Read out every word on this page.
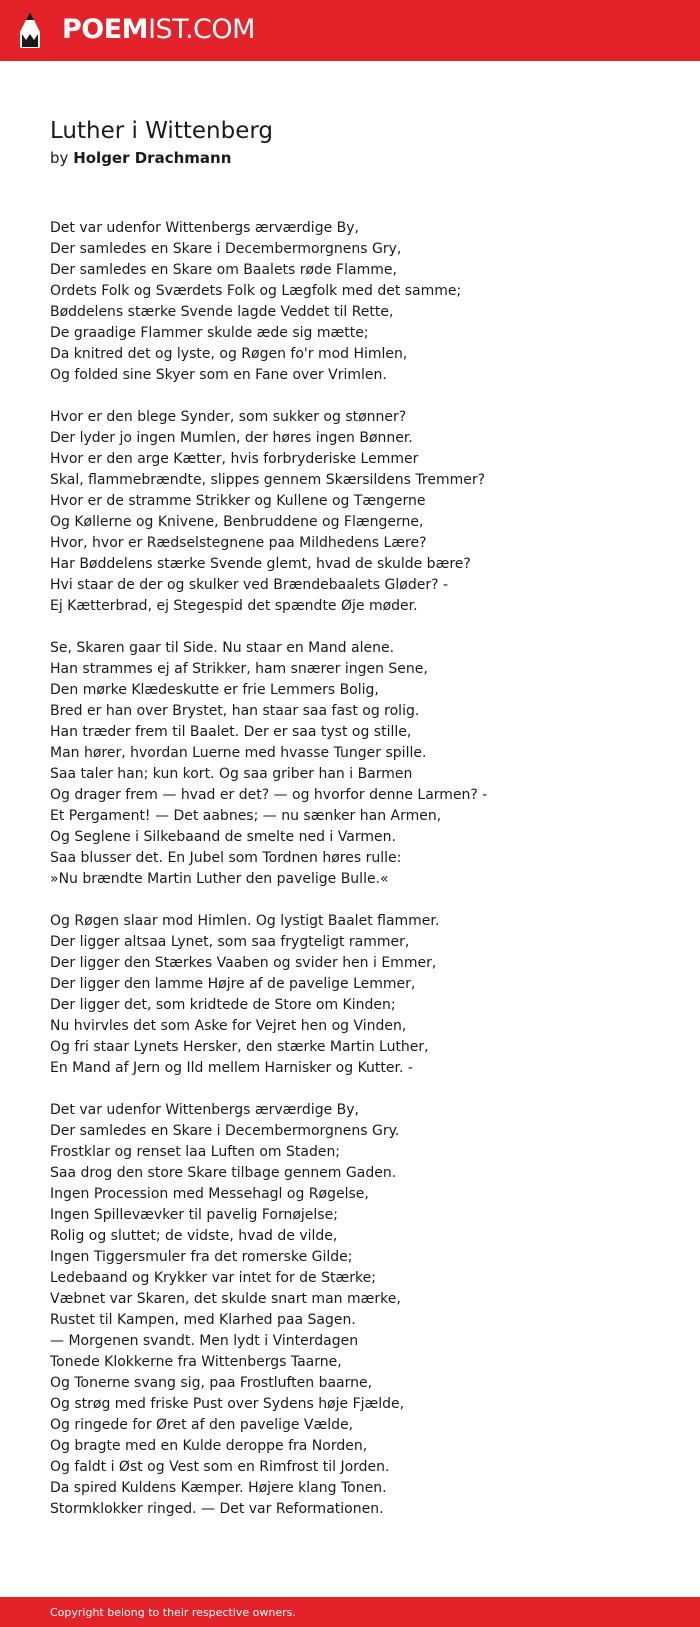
POEMIST.COM
Luther i Wittenberg
by Holger Drachmann
Det var udenfor Wittenbergs ærværdige By,
Der samledes en Skare i Decembermorgnens Gry,
Der samledes en Skare om Baalets røde Flamme,
Ordets Folk og Sværdets Folk og Lægfolk med det samme;
Bøddelens stærke Svende lagde Veddet til Rette,
De graadige Flammer skulde æde sig mætte;
Da knitred det og lyste, og Røgen fo'r mod Himlen,
Og folded sine Skyer som en Fane over Vrimlen.
Hvor er den blege Synder, som sukker og stønner?
Der lyder jo ingen Mumlen, der høres ingen Bønner.
Hvor er den arge Kætter, hvis forbryderiske Lemmer
Skal, flammebrændte, slippes gennem Skærsildens Tremmer?
Hvor er de stramme Strikker og Kullene og Tængerne
Og Køllerne og Knivene, Benbruddene og Flængerne,
Hvor, hvor er Rædselstegnene paa Mildhedens Lære?
Har Bøddelens stærke Svende glemt, hvad de skulde bære?
Hvi staar de der og skulker ved Brændebaalets Gløder? -
Ej Kætterbrad, ej Stegespid det spændte Øje møder.
Se, Skaren gaar til Side. Nu staar en Mand alene.
Han strammes ej af Strikker, ham snærer ingen Sene,
Den mørke Klædeskutte er frie Lemmers Bolig,
Bred er han over Brystet, han staar saa fast og rolig.
Han træder frem til Baalet. Der er saa tyst og stille,
Man hører, hvordan Luerne med hvasse Tunger spille.
Saa taler han; kun kort. Og saa griber han i Barmen
Og drager frem — hvad er det? — og hvorfor denne Larmen? -
Et Pergament! — Det aabnes; — nu sænker han Armen,
Og Seglene i Silkebaand de smelte ned i Varmen.
Saa blusser det. En Jubel som Tordnen høres rulle:
»Nu brændte Martin Luther den pavelige Bulle.«
Og Røgen slaar mod Himlen. Og lystigt Baalet flammer.
Der ligger altsaa Lynet, som saa frygteligt rammer,
Der ligger den Stærkes Vaaben og svider hen i Emmer,
Der ligger den lamme Højre af de pavelige Lemmer,
Der ligger det, som kridtede de Store om Kinden;
Nu hvirvles det som Aske for Vejret hen og Vinden,
Og fri staar Lynets Hersker, den stærke Martin Luther,
En Mand af Jern og Ild mellem Harnisker og Kutter. -
Det var udenfor Wittenbergs ærværdige By,
Der samledes en Skare i Decembermorgnens Gry.
Frostklar og renset laa Luften om Staden;
Saa drog den store Skare tilbage gennem Gaden.
Ingen Procession med Messehagl og Røgelse,
Ingen Spillevævker til pavelig Fornøjelse;
Rolig og sluttet; de vidste, hvad de vilde,
Ingen Tiggersmuler fra det romerske Gilde;
Ledebaand og Krykker var intet for de Stærke;
Væbnet var Skaren, det skulde snart man mærke,
Rustet til Kampen, med Klarhed paa Sagen.
— Morgenen svandt. Men lydt i Vinterdagen
Tonede Klokkerne fra Wittenbergs Taarne,
Og Tonerne svang sig, paa Frostluften baarne,
Og strøg med friske Pust over Sydens høje Fjælde,
Og ringede for Øret af den pavelige Vælde,
Og bragte med en Kulde deroppe fra Norden,
Og faldt i Øst og Vest som en Rimfrost til Jorden.
Da spired Kuldens Kæmper. Højere klang Tonen.
Stormklokker ringed. — Det var Reformationen.
Copyright belong to their respective owners.
